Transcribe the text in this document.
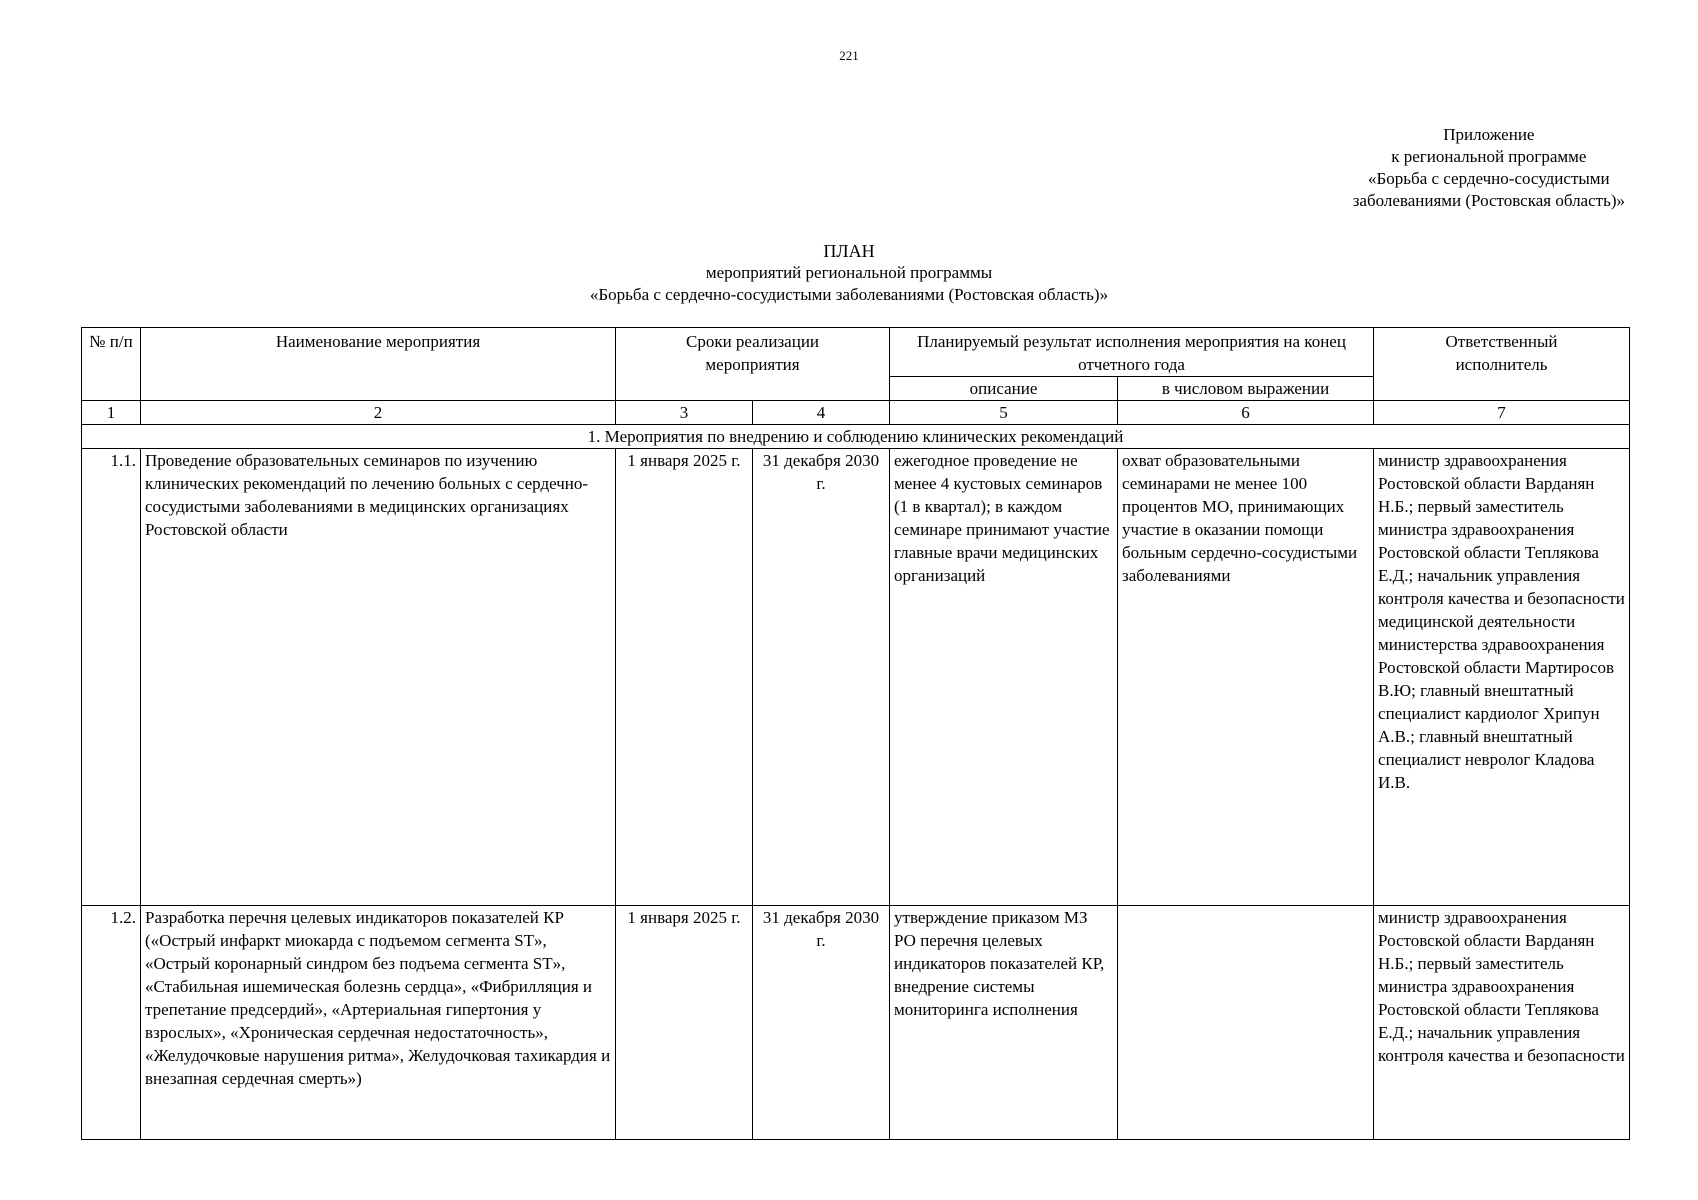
221
Приложение
к региональной программе
«Борьба с сердечно-сосудистыми
заболеваниями (Ростовская область)»
ПЛАН
мероприятий региональной программы
«Борьба с сердечно-сосудистыми заболеваниями (Ростовская область)»
№ п/п	Наименование мероприятия	Сроки реализации мероприятия		Планируемый результат исполнения мероприятия на конец отчетного года		Ответственный исполнитель
				описание	в числовом выражении	
1	2	3	4	5	6	7
1. Мероприятия по внедрению и соблюдению клинических рекомендаций						
1.1.	Проведение образовательных семинаров по изучению клинических рекомендаций по лечению больных с сердечно-сосудистыми заболеваниями в медицинских организациях Ростовской области	1 января 2025 г.	31 декабря 2030 г.	ежегодное проведение не менее 4 кустовых семинаров (1 в квартал); в каждом семинаре принимают участие главные врачи медицинских организаций	охват образовательными семинарами не менее 100 процентов МО, принимающих участие в оказании помощи больным сердечно-сосудистыми заболеваниями	министр здравоохранения Ростовской области Варданян Н.Б.; первый заместитель министра здравоохранения Ростовской области Теплякова Е.Д.; начальник управления контроля качества и безопасности медицинской деятельности министерства здравоохранения Ростовской области Мартиросов В.Ю; главный внештатный специалист кардиолог Хрипун А.В.; главный внештатный специалист невролог Кладова И.В.
1.2.	Разработка перечня целевых индикаторов показателей КР («Острый инфаркт миокарда с подъемом сегмента ST», «Острый коронарный синдром без подъема сегмента ST», «Стабильная ишемическая болезнь сердца», «Фибрилляция и трепетание предсердий», «Артериальная гипертония у взрослых», «Хроническая сердечная недостаточность», «Желудочковые нарушения ритма», Желудочковая тахикардия и внезапная сердечная смерть»)	1 января 2025 г.	31 декабря 2030 г.	утверждение приказом МЗ РО перечня целевых индикаторов показателей КР, внедрение системы мониторинга исполнения		министр здравоохранения Ростовской области Варданян Н.Б.; первый заместитель министра здравоохранения Ростовской области Теплякова Е.Д.; начальник управления контроля качества и безопасности
